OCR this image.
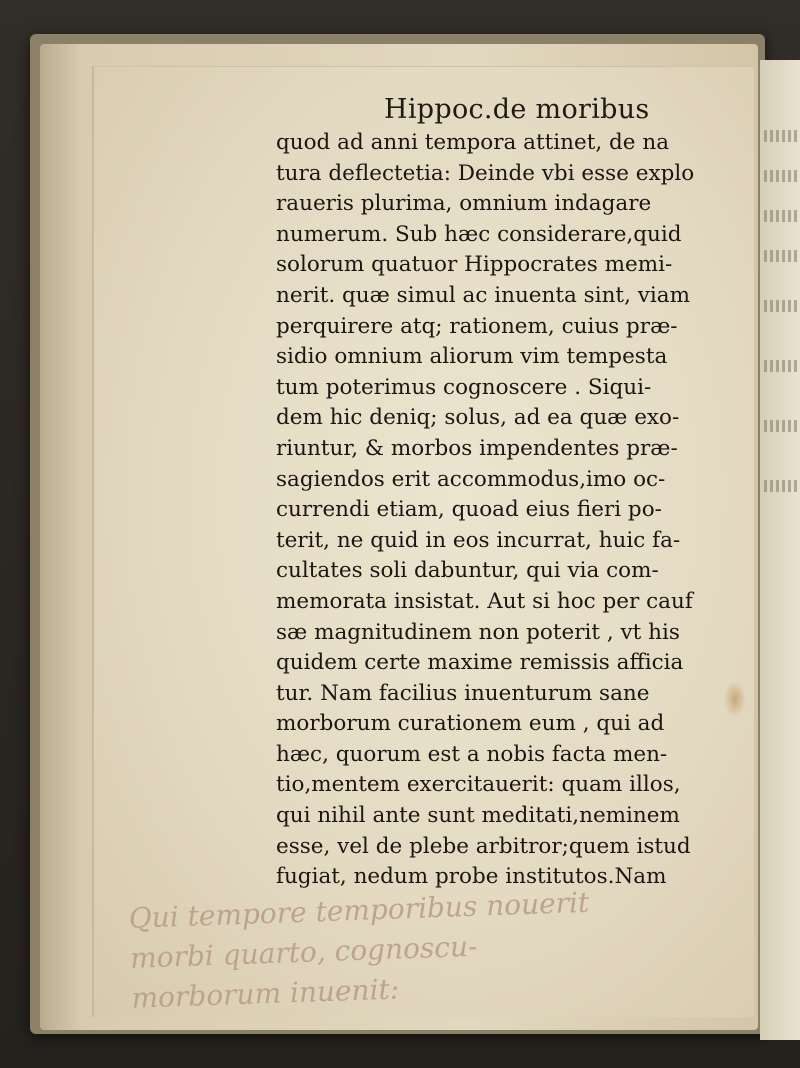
Hippoc.de moribus
quod ad anni tempora attinet, de na
tura deflectetia: Deinde vbi esse explo
raueris plurima, omnium indagare
numerum. Sub hæc considerare,quid
solorum quatuor Hippocrates memi-
nerit. quæ simul ac inuenta sint, viam
perquirere atq; rationem, cuius præ-
sidio omnium aliorum vim tempesta
tum poterimus cognoscere . Siqui-
dem hic deniq; solus, ad ea quæ exo-
riuntur, & morbos impendentes præ-
sagiendos erit accommodus,imo oc-
currendi etiam, quoad eius fieri po-
terit, ne quid in eos incurrat, huic fa-
cultates soli dabuntur, qui via com-
memorata insistat. Aut si hoc per cauf
sæ magnitudinem non poterit , vt his
quidem certe maxime remissis afficia
tur. Nam facilius inuenturum sane
morborum curationem eum , qui ad
hæc, quorum est a nobis facta men-
tio,mentem exercitauerit: quam illos,
qui nihil ante sunt meditati,neminem
esse, vel de plebe arbitror;quem istud
fugiat, nedum probe institutos.Nam
Qui tempore temporibus nouerit
morbi quarto, cognoscu-
morborum inuenit:
